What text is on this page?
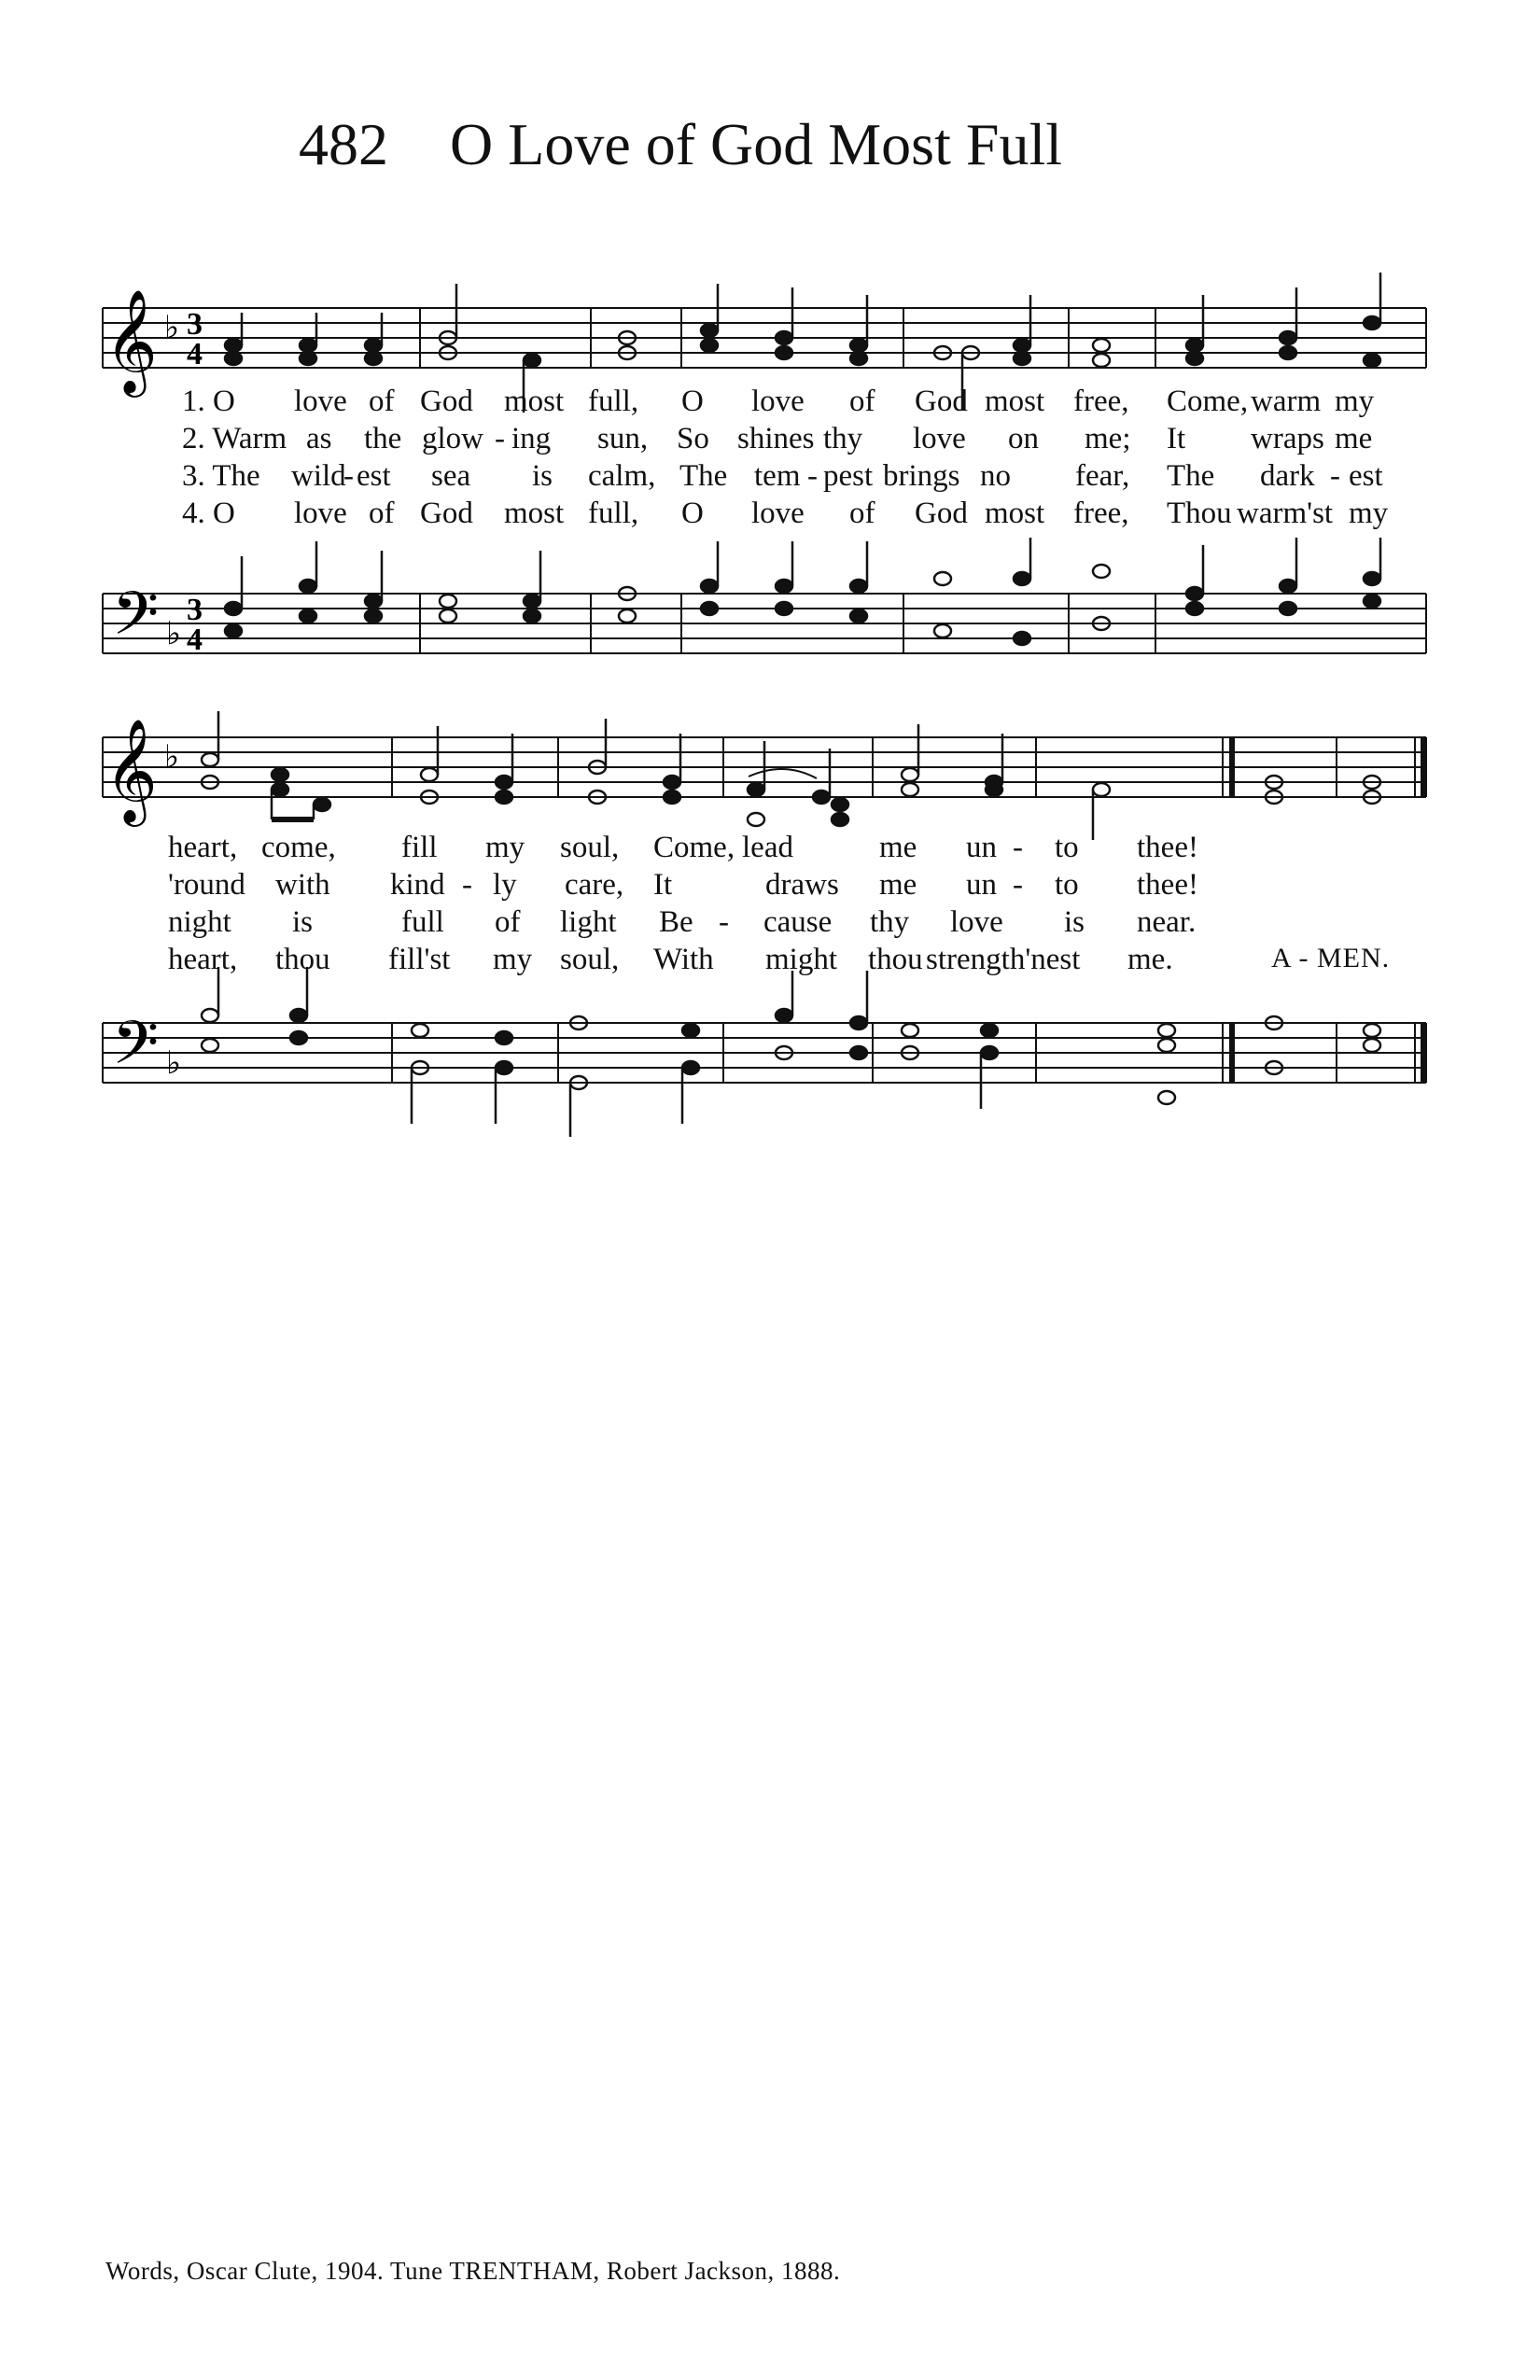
482 O Love of God Most Full
𝄞
𝄢
♭
♭
3
4
3
4
1. O love of God most full, O love of God most free, Come, warm my
2. Warm as the glow - ing sun, So shines thy love on me; It wraps me
3. The wild
- est sea is calm, The tem - pest brings no fear, The dark - est
4. O love of God most full, O love of God most free, Thou warm'st my
𝄞
𝄢
♭
♭
heart, come, fill my soul, Come, lead	me un - to thee!
'round with kind - ly care, It	draws me un - to thee!
night is	full of light Be - cause thy love is near.
heart, thou fill'st my soul, With might thou strength'nest me.	A - MEN.
Words, Oscar Clute, 1904. Tune TRENTHAM, Robert Jackson, 1888.
